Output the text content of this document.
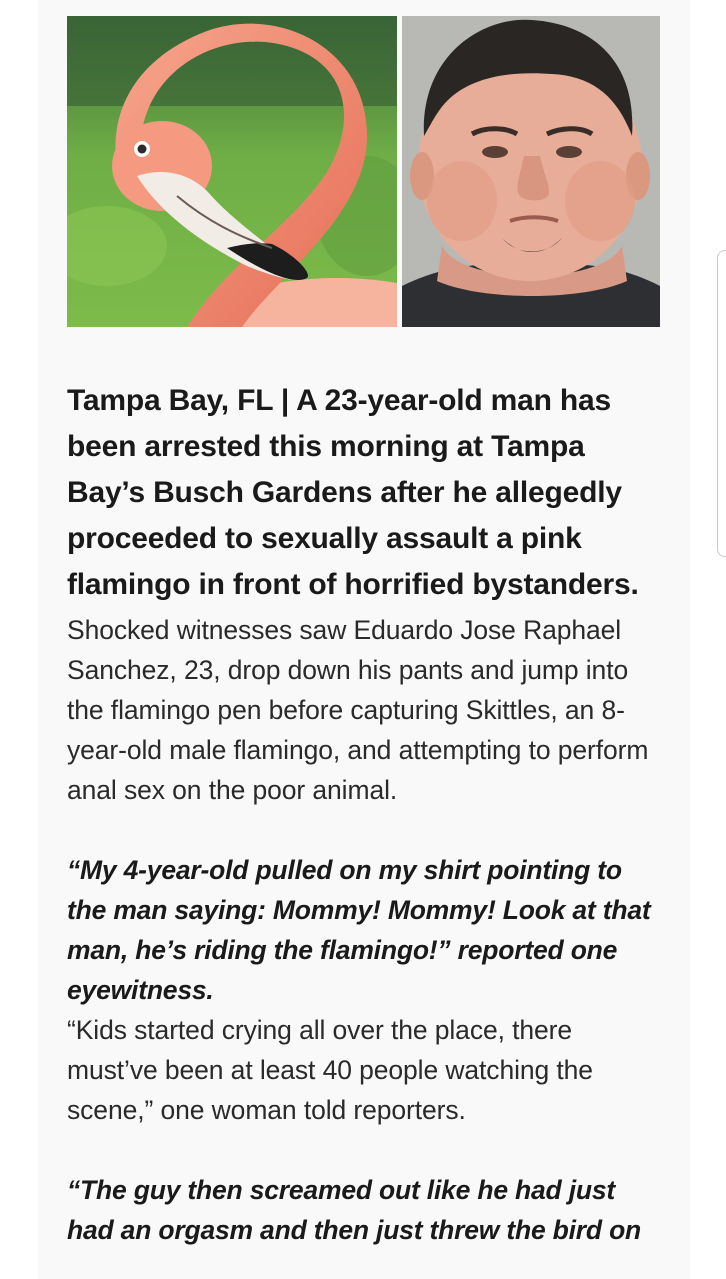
Tampa Bay, FL | A 23-year-old man has been arrested this morning at Tampa Bay’s Busch Gardens after he allegedly proceeded to sexually assault a pink flamingo in front of horrified bystanders.

Shocked witnesses saw Eduardo Jose Raphael Sanchez, 23, drop down his pants and jump into the flamingo pen before capturing Skittles, an 8-year-old male flamingo, and attempting to perform anal sex on the poor animal.

“My 4-year-old pulled on my shirt pointing to the man saying: Mommy! Mommy! Look at that man, he’s riding the flamingo!” reported one eyewitness.

“Kids started crying all over the place, there must’ve been at least 40 people watching the scene,” one woman told reporters.

“The guy then screamed out like he had just had an orgasm and then just threw the bird on
